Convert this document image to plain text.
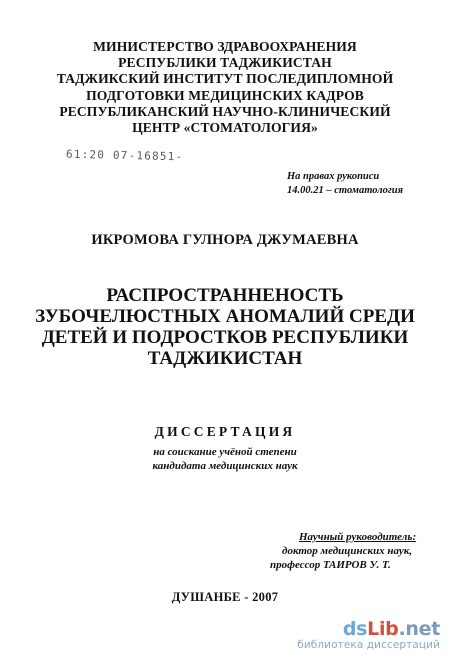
МИНИСТЕРСТВО ЗДРАВООХРАНЕНИЯ
РЕСПУБЛИКИ ТАДЖИКИСТАН
ТАДЖИКСКИЙ ИНСТИТУТ ПОСЛЕДИПЛОМНОЙ
ПОДГОТОВКИ МЕДИЦИНСКИХ КАДРОВ
РЕСПУБЛИКАНСКИЙ НАУЧНО-КЛИНИЧЕСКИЙ
ЦЕНТР «СТОМАТОЛОГИЯ»
61:20 07-16851-
На правах рукописи
14.00.21 – стоматология
ИКРОМОВА ГУЛНОРА ДЖУМАЕВНА
РАСПРОСТРАННЕНОСТЬ
ЗУБОЧЕЛЮСТНЫХ АНОМАЛИЙ СРЕДИ
ДЕТЕЙ И ПОДРОСТКОВ РЕСПУБЛИКИ
ТАДЖИКИСТАН
ДИССЕРТАЦИЯ
на соискание учёной степени
кандидата медицинских наук
Научный руководитель:
доктор медицинских наук,
профессор ТАИРОВ У. Т.
ДУШАНБЕ - 2007
dsLib.net
библиотека диссертаций
